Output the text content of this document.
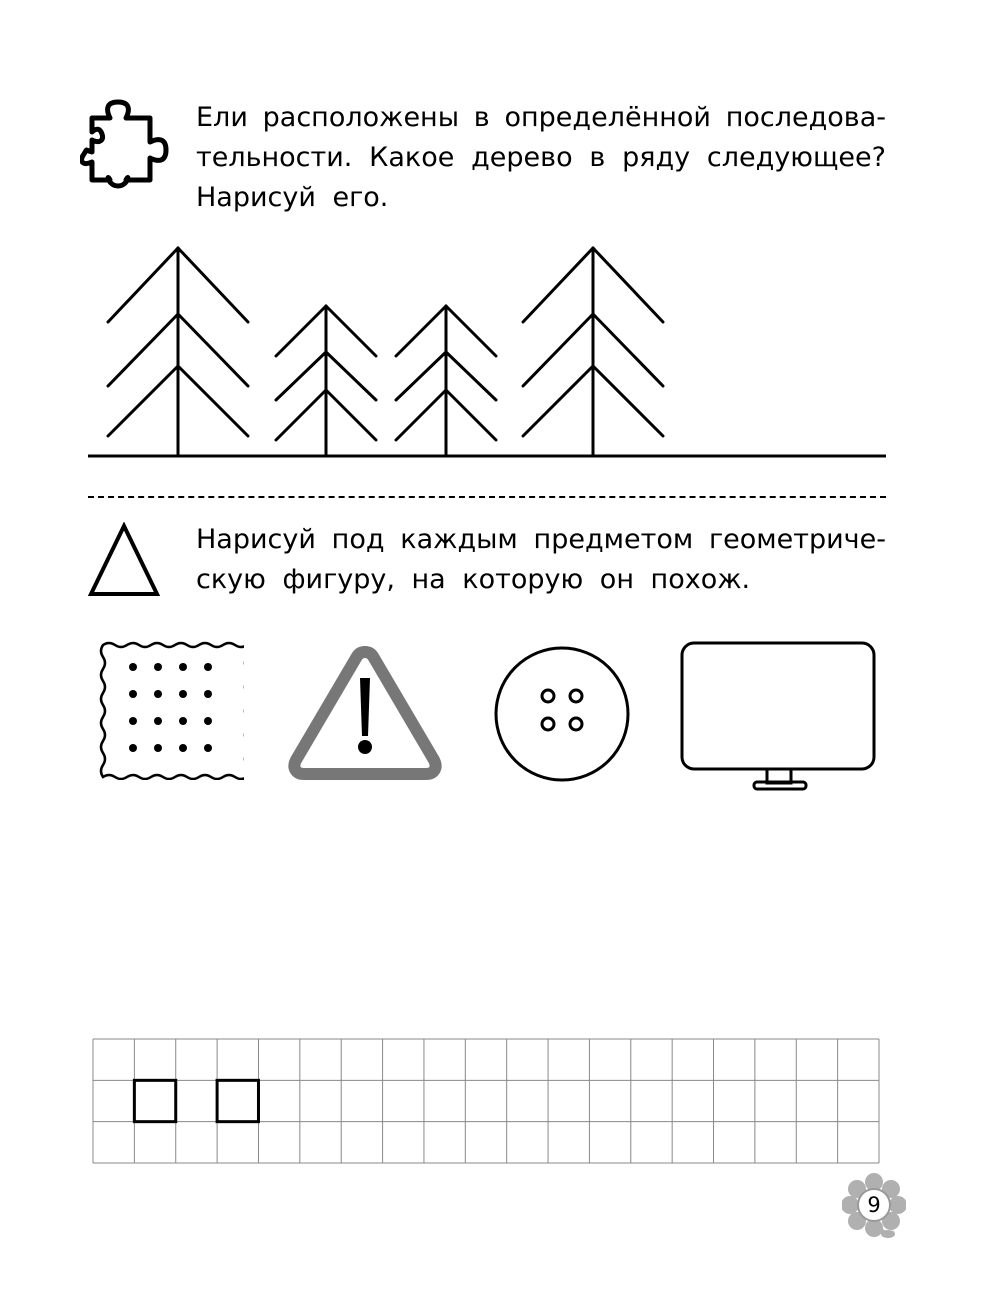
Ели расположены в определённой последова-
тельности. Какое дерево в ряду следующее?
Нарисуй его.
Нарисуй под каждым предметом геометриче-
скую фигуру, на которую он похож.
9
